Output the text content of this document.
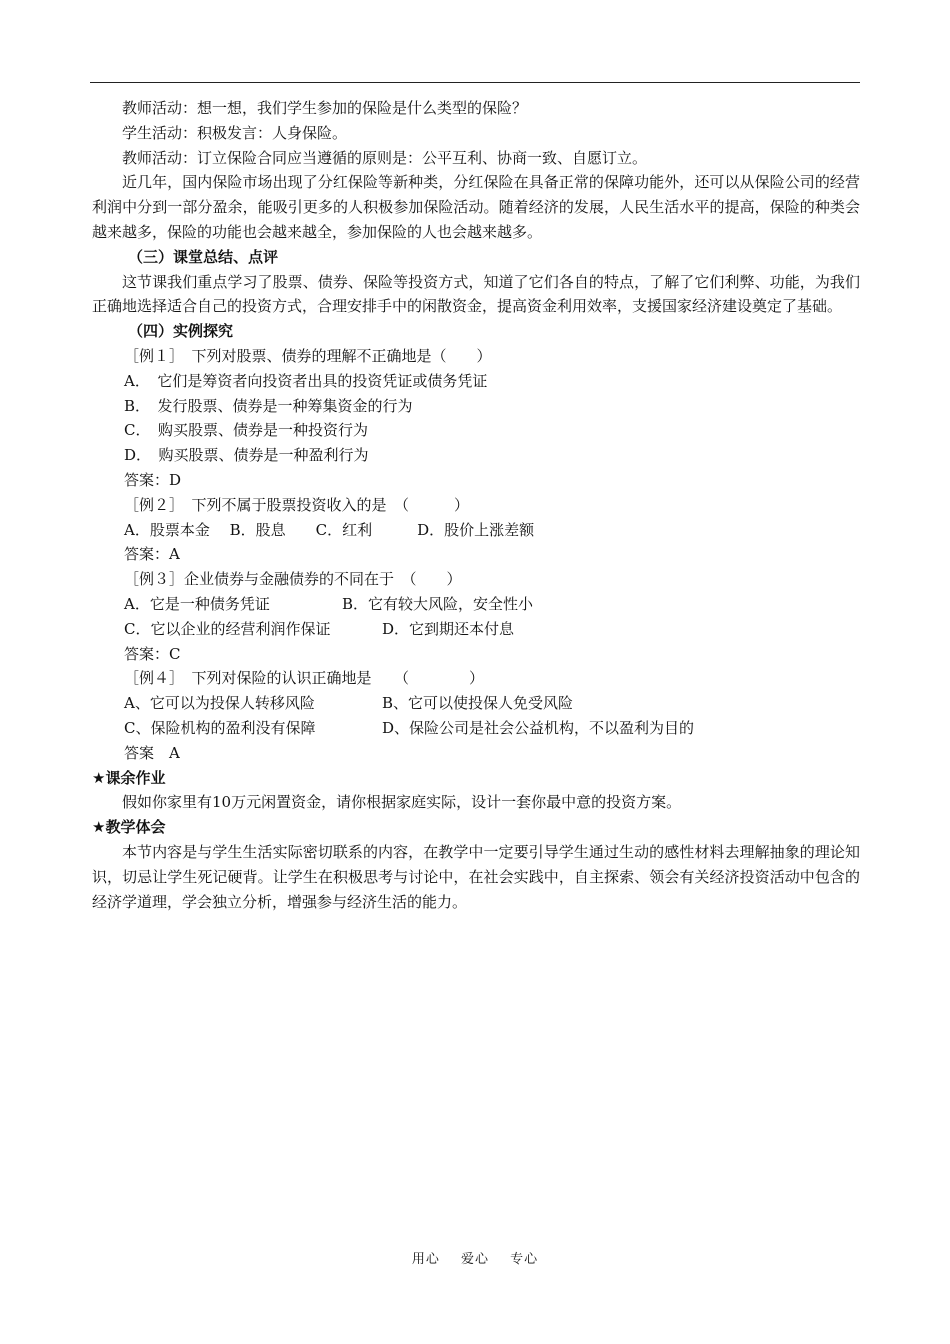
教师活动：想一想，我们学生参加的保险是什么类型的保险？

学生活动：积极发言：人身保险。

教师活动：订立保险合同应当遵循的原则是：公平互利、协商一致、自愿订立。

近几年，国内保险市场出现了分红保险等新种类，分红保险在具备正常的保障功能外，还可以从保险公司的经营利润中分到一部分盈余，能吸引更多的人积极参加保险活动。随着经济的发展，人民生活水平的提高，保险的种类会越来越多，保险的功能也会越来越全，参加保险的人也会越来越多。

（三）课堂总结、点评

这节课我们重点学习了股票、债券、保险等投资方式，知道了它们各自的特点，了解了它们利弊、功能，为我们正确地选择适合自己的投资方式，合理安排手中的闲散资金，提高资金利用效率，支援国家经济建设奠定了基础。

（四）实例探究

［例１］　下列对股票、债券的理解不正确地是（　　）

A．　它们是筹资者向投资者出具的投资凭证或债务凭证

B．　发行股票、债券是一种筹集资金的行为

C．　购买股票、债券是一种投资行为

D．　购买股票、债券是一种盈利行为

答案：D

［例２］　下列不属于股票投资收入的是　（　　　）

A．股票本金　 B．股息　　C．红利　　　D．股价上涨差额

答案：A

［例３］企业债券与金融债券的不同在于　（　　）

A．它是一种债务凭证	B．它有较大风险，安全性小
C．它以企业的经营利润作保证	D．它到期还本付息

答案：C

［例４］　下列对保险的认识正确地是　　（　　　　）

A、它可以为投保人转移风险	B、它可以使投保人免受风险
C、保险机构的盈利没有保障	D、保险公司是社会公益机构，不以盈利为目的

答案　A

★课余作业

假如你家里有10万元闲置资金，请你根据家庭实际，设计一套你最中意的投资方案。

★教学体会

本节内容是与学生生活实际密切联系的内容，在教学中一定要引导学生通过生动的感性材料去理解抽象的理论知识，切忌让学生死记硬背。让学生在积极思考与讨论中，在社会实践中，自主探索、领会有关经济投资活动中包含的经济学道理，学会独立分析，增强参与经济生活的能力。

用心 爱心 专心
